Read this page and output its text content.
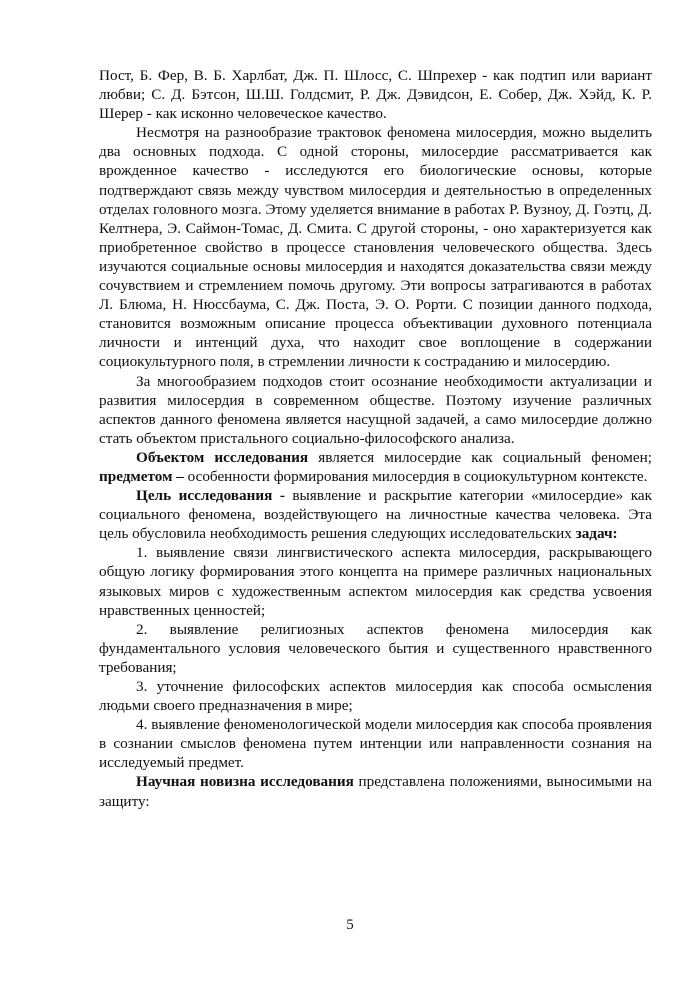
Пост, Б. Фер, В. Б. Харлбат, Дж. П. Шлосс, С. Шпрехер - как подтип или вариант любви; С. Д. Бэтсон, Ш.Ш. Голдсмит, Р. Дж. Дэвидсон, Е. Собер, Дж. Хэйд, К. Р. Шерер - как исконно человеческое качество.

Несмотря на разнообразие трактовок феномена милосердия, можно выделить два основных подхода. С одной стороны, милосердие рассматривается как врожденное качество - исследуются его биологические основы, которые подтверждают связь между чувством милосердия и деятельностью в определенных отделах головного мозга. Этому уделяется внимание в работах Р. Вузноу, Д. Гоэтц, Д. Келтнера, Э. Саймон-Томас, Д. Смита. С другой стороны, - оно характеризуется как приобретенное свойство в процессе становления человеческого общества. Здесь изучаются социальные основы милосердия и находятся доказательства связи между сочувствием и стремлением помочь другому. Эти вопросы затрагиваются в работах Л. Блюма, Н. Нюссбаума, С. Дж. Поста, Э. О. Рорти. С позиции данного подхода, становится возможным описание процесса объективации духовного потенциала личности и интенций духа, что находит свое воплощение в содержании социокультурного поля, в стремлении личности к состраданию и милосердию.

За многообразием подходов стоит осознание необходимости актуализации и развития милосердия в современном обществе. Поэтому изучение различных аспектов данного феномена является насущной задачей, а само милосердие должно стать объектом пристального социально-философского анализа.

Объектом исследования является милосердие как социальный феномен; предметом – особенности формирования милосердия в социокультурном контексте.

Цель исследования - выявление и раскрытие категории «милосердие» как социального феномена, воздействующего на личностные качества человека. Эта цель обусловила необходимость решения следующих исследовательских задач:

1. выявление связи лингвистического аспекта милосердия, раскрывающего общую логику формирования этого концепта на примере различных национальных языковых миров с художественным аспектом милосердия как средства усвоения нравственных ценностей;

2. выявление религиозных аспектов феномена милосердия как фундаментального условия человеческого бытия и существенного нравственного требования;

3. уточнение философских аспектов милосердия как способа осмысления людьми своего предназначения в мире;

4. выявление феноменологической модели милосердия как способа проявления в сознании смыслов феномена путем интенции или направленности сознания на исследуемый предмет.

Научная новизна исследования представлена положениями, выносимыми на защиту:

5
